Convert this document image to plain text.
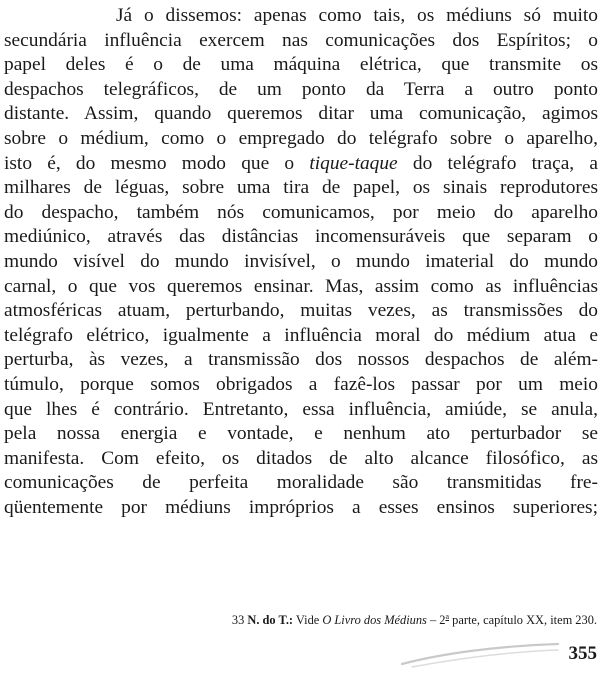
Já o dissemos: apenas como tais, os médiuns só muito
secundária influência exercem nas comunicações dos Espíritos; o
papel deles é o de uma máquina elétrica, que transmite os
despachos telegráficos, de um ponto da Terra a outro ponto
distante. Assim, quando queremos ditar uma comunicação, agimos
sobre o médium, como o empregado do telégrafo sobre o aparelho,
isto é, do mesmo modo que o tique-taque do telégrafo traça, a
milhares de léguas, sobre uma tira de papel, os sinais reprodutores
do despacho, também nós comunicamos, por meio do aparelho
mediúnico, através das distâncias incomensuráveis que separam o
mundo visível do mundo invisível, o mundo imaterial do mundo
carnal, o que vos queremos ensinar. Mas, assim como as influências
atmosféricas atuam, perturbando, muitas vezes, as transmissões do
telégrafo elétrico, igualmente a influência moral do médium atua e
perturba, às vezes, a transmissão dos nossos despachos de além-
túmulo, porque somos obrigados a fazê-los passar por um meio
que lhes é contrário. Entretanto, essa influência, amiúde, se anula,
pela nossa energia e vontade, e nenhum ato perturbador se
manifesta. Com efeito, os ditados de alto alcance filosófico, as
comunicações de perfeita moralidade são transmitidas fre-
qüentemente por médiuns impróprios a esses ensinos superiores;
33 N. do T.: Vide O Livro dos Médiuns – 2$^a$ parte, capítulo XX, item 230.
355
